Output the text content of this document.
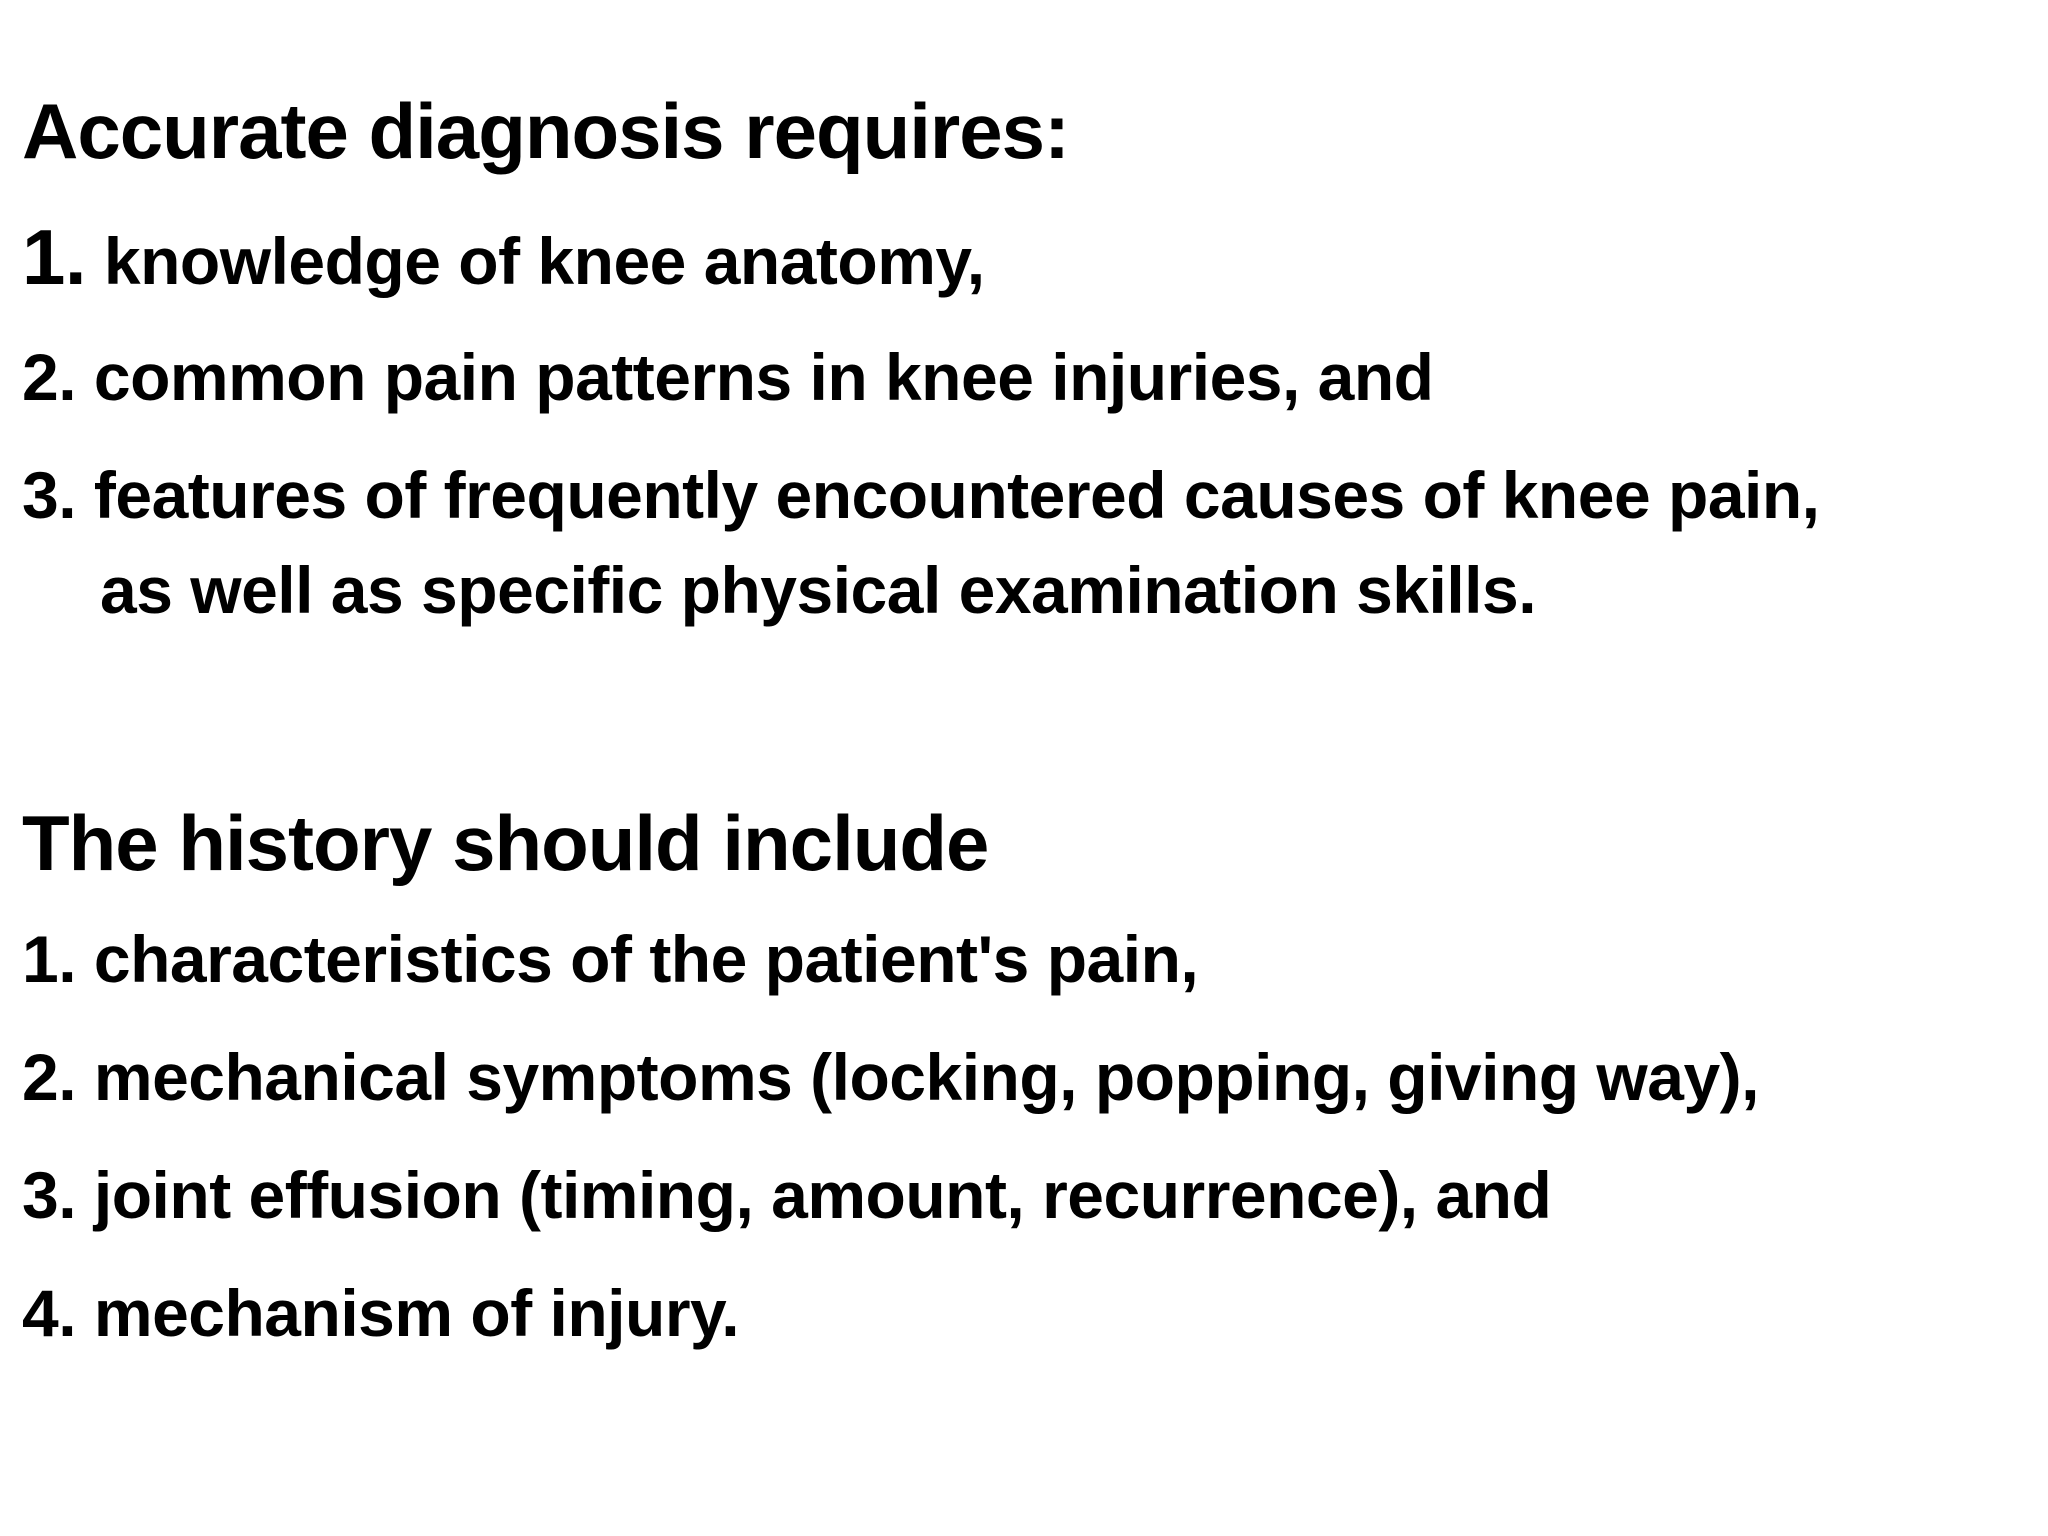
Accurate diagnosis requires:
1. knowledge of knee anatomy,
2. common pain patterns in knee injuries, and
3. features of frequently encountered causes of knee pain,
as well as specific physical examination skills.
The history should include
1. characteristics of the patient's pain,
2. mechanical symptoms (locking, popping, giving way),
3. joint effusion (timing, amount, recurrence), and
4. mechanism of injury.
